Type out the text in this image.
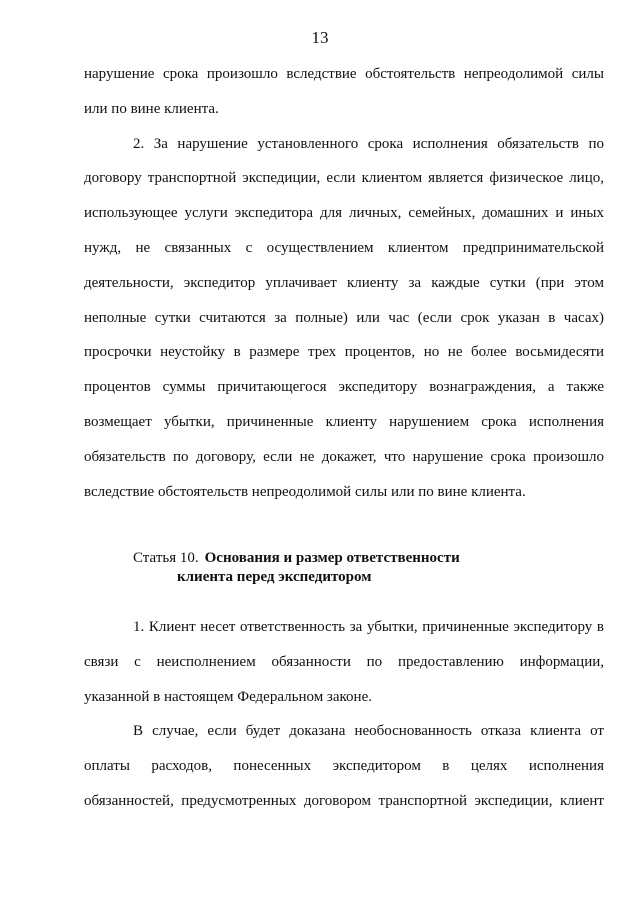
13
нарушение срока произошло вследствие обстоятельств непреодолимой силы
или по вине клиента.
2. За нарушение установленного срока исполнения обязательств по
договору транспортной экспедиции, если клиентом является физическое лицо,
использующее услуги экспедитора для личных, семейных, домашних и иных
нужд, не связанных с осуществлением клиентом предпринимательской
деятельности, экспедитор уплачивает клиенту за каждые сутки (при этом
неполные сутки считаются за полные) или час (если срок указан в часах)
просрочки неустойку в размере трех процентов, но не более восьмидесяти
процентов суммы причитающегося экспедитору вознаграждения, а также
возмещает убытки, причиненные клиенту нарушением срока исполнения
обязательств по договору, если не докажет, что нарушение срока произошло
вследствие обстоятельств непреодолимой силы или по вине клиента.
Статья 10. Основания и размер ответственности
клиента перед экспедитором
1. Клиент несет ответственность за убытки, причиненные экспедитору в
связи с неисполнением обязанности по предоставлению информации,
указанной в настоящем Федеральном законе.
В случае, если будет доказана необоснованность отказа клиента от
оплаты расходов, понесенных экспедитором в целях исполнения
обязанностей, предусмотренных договором транспортной экспедиции, клиент
